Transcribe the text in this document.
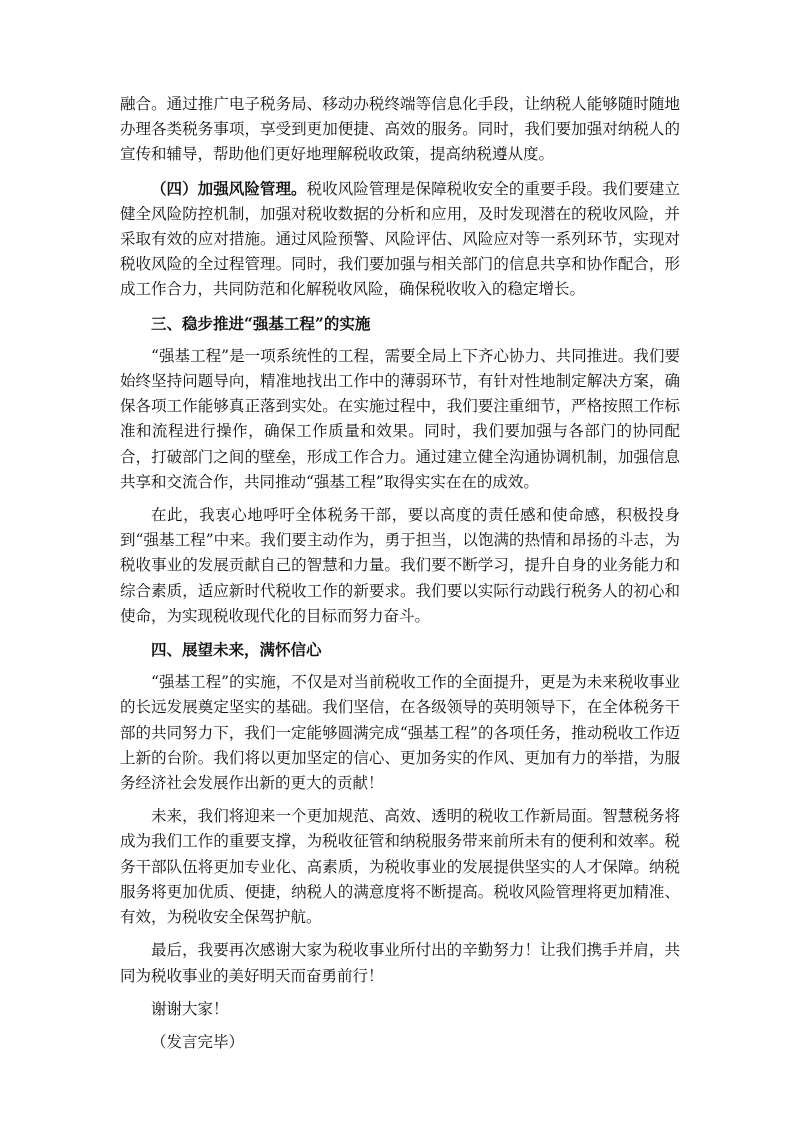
融合。通过推广电子税务局、移动办税终端等信息化手段，让纳税人能够随时随地办理各类税务事项，享受到更加便捷、高效的服务。同时，我们要加强对纳税人的宣传和辅导，帮助他们更好地理解税收政策，提高纳税遵从度。

（四）加强风险管理。税收风险管理是保障税收安全的重要手段。我们要建立健全风险防控机制，加强对税收数据的分析和应用，及时发现潜在的税收风险，并采取有效的应对措施。通过风险预警、风险评估、风险应对等一系列环节，实现对税收风险的全过程管理。同时，我们要加强与相关部门的信息共享和协作配合，形成工作合力，共同防范和化解税收风险，确保税收收入的稳定增长。

三、稳步推进“强基工程”的实施

“强基工程”是一项系统性的工程，需要全局上下齐心协力、共同推进。我们要始终坚持问题导向，精准地找出工作中的薄弱环节，有针对性地制定解决方案，确保各项工作能够真正落到实处。在实施过程中，我们要注重细节，严格按照工作标准和流程进行操作，确保工作质量和效果。同时，我们要加强与各部门的协同配合，打破部门之间的壁垒，形成工作合力。通过建立健全沟通协调机制，加强信息共享和交流合作，共同推动“强基工程”取得实实在在的成效。

在此，我衷心地呼吁全体税务干部，要以高度的责任感和使命感，积极投身到“强基工程”中来。我们要主动作为，勇于担当，以饱满的热情和昂扬的斗志，为税收事业的发展贡献自己的智慧和力量。我们要不断学习，提升自身的业务能力和综合素质，适应新时代税收工作的新要求。我们要以实际行动践行税务人的初心和使命，为实现税收现代化的目标而努力奋斗。

四、展望未来，满怀信心

“强基工程”的实施，不仅是对当前税收工作的全面提升，更是为未来税收事业的长远发展奠定坚实的基础。我们坚信，在各级领导的英明领导下，在全体税务干部的共同努力下，我们一定能够圆满完成“强基工程”的各项任务，推动税收工作迈上新的台阶。我们将以更加坚定的信心、更加务实的作风、更加有力的举措，为服务经济社会发展作出新的更大的贡献！

未来，我们将迎来一个更加规范、高效、透明的税收工作新局面。智慧税务将成为我们工作的重要支撑，为税收征管和纳税服务带来前所未有的便利和效率。税务干部队伍将更加专业化、高素质，为税收事业的发展提供坚实的人才保障。纳税服务将更加优质、便捷，纳税人的满意度将不断提高。税收风险管理将更加精准、有效，为税收安全保驾护航。

最后，我要再次感谢大家为税收事业所付出的辛勤努力！让我们携手并肩，共同为税收事业的美好明天而奋勇前行！

谢谢大家！

（发言完毕）
